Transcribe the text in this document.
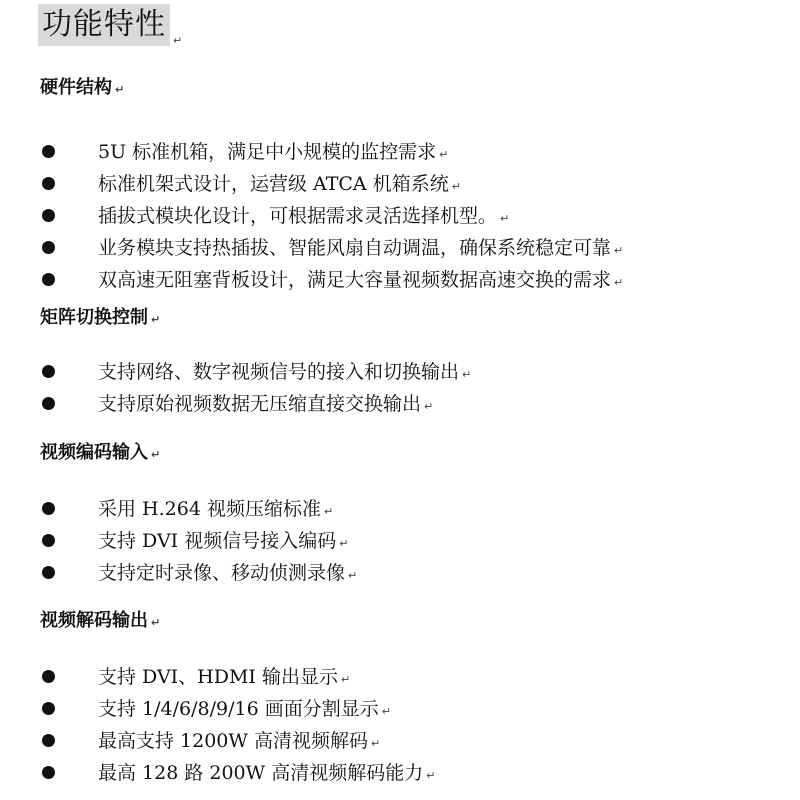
功能特性 ↵
硬件结构 ↵
5U 标准机箱，满足中小规模的监控需求 ↵
标准机架式设计，运营级 ATCA 机箱系统 ↵
插拔式模块化设计，可根据需求灵活选择机型。 ↵
业务模块支持热插拔、智能风扇自动调温，确保系统稳定可靠 ↵
双高速无阻塞背板设计，满足大容量视频数据高速交换的需求 ↵
矩阵切换控制 ↵
支持网络、数字视频信号的接入和切换输出 ↵
支持原始视频数据无压缩直接交换输出 ↵
视频编码输入 ↵
采用 H.264 视频压缩标准 ↵
支持 DVI 视频信号接入编码 ↵
支持定时录像、移动侦测录像 ↵
视频解码输出 ↵
支持 DVI、HDMI 输出显示 ↵
支持 1/4/6/8/9/16 画面分割显示 ↵
最高支持 1200W 高清视频解码 ↵
最高 128 路 200W 高清视频解码能力 ↵
